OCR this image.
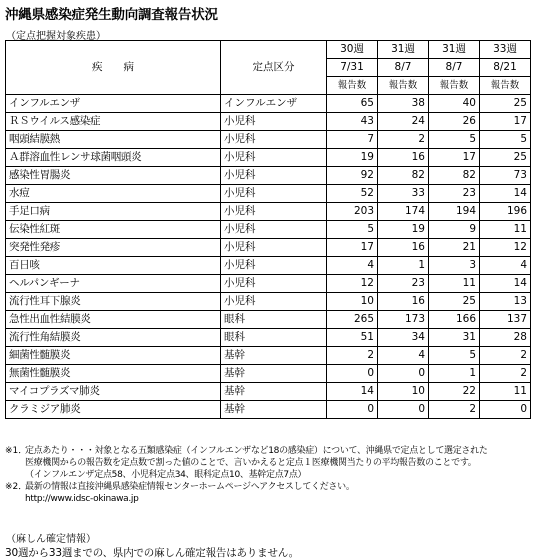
沖縄県感染症発生動向調査報告状況
（定点把握対象疾患）
疾　　病	定点区分	30週	31週	31週	33週
		7/31	8/7	8/7	8/21
		報告数	報告数	報告数	報告数
インフルエンザ	インフルエンザ	65	38	40	25
ＲＳウイルス感染症	小児科	43	24	26	17
咽頭結膜熱	小児科	7	2	5	5
Ａ群溶血性レンサ球菌咽頭炎	小児科	19	16	17	25
感染性胃腸炎	小児科	92	82	82	73
水痘	小児科	52	33	23	14
手足口病	小児科	203	174	194	196
伝染性紅斑	小児科	5	19	9	11
突発性発疹	小児科	17	16	21	12
百日咳	小児科	4	1	3	4
ヘルパンギーナ	小児科	12	23	11	14
流行性耳下腺炎	小児科	10	16	25	13
急性出血性結膜炎	眼科	265	173	166	137
流行性角結膜炎	眼科	51	34	31	28
細菌性髄膜炎	基幹	2	4	5	2
無菌性髄膜炎	基幹	0	0	1	2
マイコプラズマ肺炎	基幹	14	10	22	11
クラミジア肺炎	基幹	0	0	2	0
※1．
定点あたり・・・対象となる五類感染症（インフルエンザなど18の感染症）について、沖縄県で定点として選定された
医療機関からの報告数を定点数で割った値のことで、言いかえると定点１医療機関当たりの平均報告数のことです。
（インフルエンザ定点58、小児科定点34、眼科定点10、基幹定点7点）
※2．
最新の情報は直接沖縄県感染症情報センターホームページへアクセスしてください。
http://www.idsc-okinawa.jp
（麻しん確定情報）
30週から33週までの、県内での麻しん確定報告はありません。
